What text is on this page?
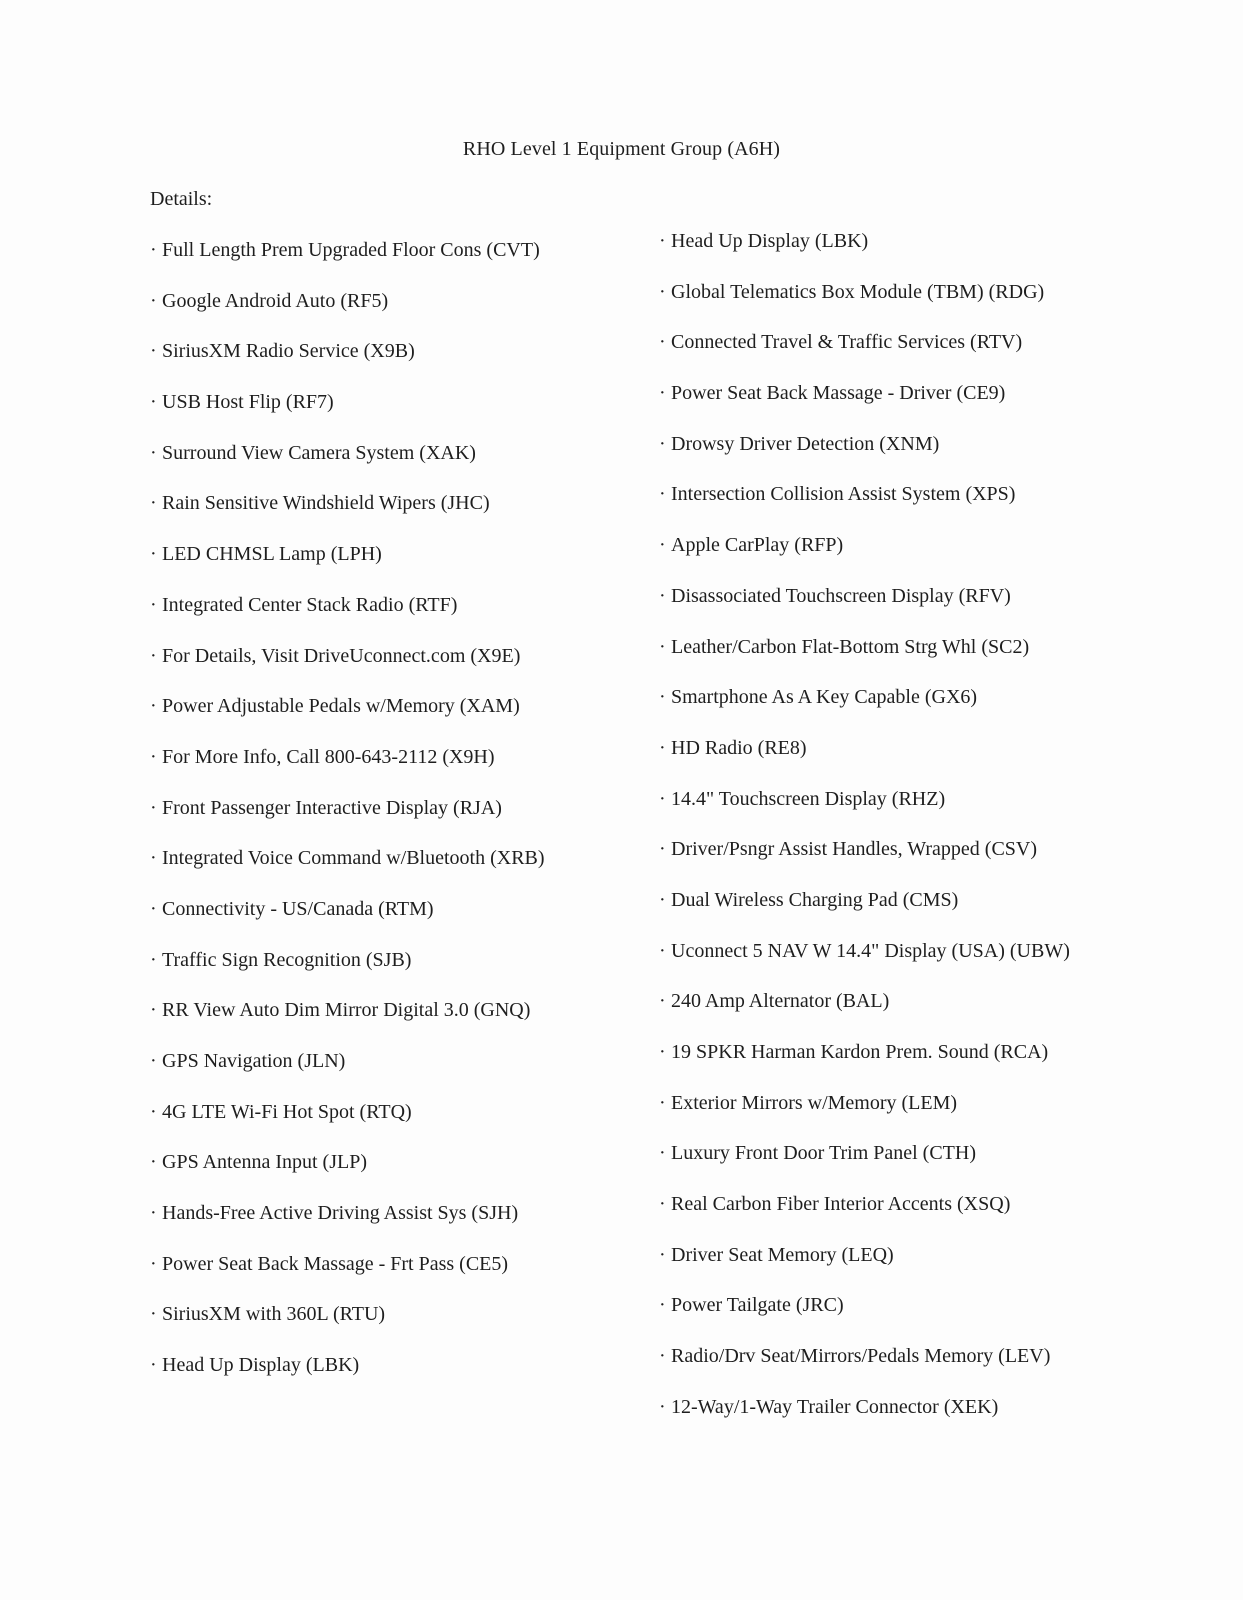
RHO Level 1 Equipment Group (A6H)
Details:
· Full Length Prem Upgraded Floor Cons (CVT)
· Google Android Auto (RF5)
· SiriusXM Radio Service (X9B)
· USB Host Flip (RF7)
· Surround View Camera System (XAK)
· Rain Sensitive Windshield Wipers (JHC)
· LED CHMSL Lamp (LPH)
· Integrated Center Stack Radio (RTF)
· For Details, Visit DriveUconnect.com (X9E)
· Power Adjustable Pedals w/Memory (XAM)
· For More Info, Call 800-643-2112 (X9H)
· Front Passenger Interactive Display (RJA)
· Integrated Voice Command w/Bluetooth (XRB)
· Connectivity - US/Canada (RTM)
· Traffic Sign Recognition (SJB)
· RR View Auto Dim Mirror Digital 3.0 (GNQ)
· GPS Navigation (JLN)
· 4G LTE Wi-Fi Hot Spot (RTQ)
· GPS Antenna Input (JLP)
· Hands-Free Active Driving Assist Sys (SJH)
· Power Seat Back Massage - Frt Pass (CE5)
· SiriusXM with 360L (RTU)
· Head Up Display (LBK)
· Head Up Display (LBK)
· Global Telematics Box Module (TBM) (RDG)
· Connected Travel & Traffic Services (RTV)
· Power Seat Back Massage - Driver (CE9)
· Drowsy Driver Detection (XNM)
· Intersection Collision Assist System (XPS)
· Apple CarPlay (RFP)
· Disassociated Touchscreen Display (RFV)
· Leather/Carbon Flat-Bottom Strg Whl (SC2)
· Smartphone As A Key Capable (GX6)
· HD Radio (RE8)
· 14.4" Touchscreen Display (RHZ)
· Driver/Psngr Assist Handles, Wrapped (CSV)
· Dual Wireless Charging Pad (CMS)
· Uconnect 5 NAV W 14.4" Display (USA) (UBW)
· 240 Amp Alternator (BAL)
· 19 SPKR Harman Kardon Prem. Sound (RCA)
· Exterior Mirrors w/Memory (LEM)
· Luxury Front Door Trim Panel (CTH)
· Real Carbon Fiber Interior Accents (XSQ)
· Driver Seat Memory (LEQ)
· Power Tailgate (JRC)
· Radio/Drv Seat/Mirrors/Pedals Memory (LEV)
· 12-Way/1-Way Trailer Connector (XEK)
